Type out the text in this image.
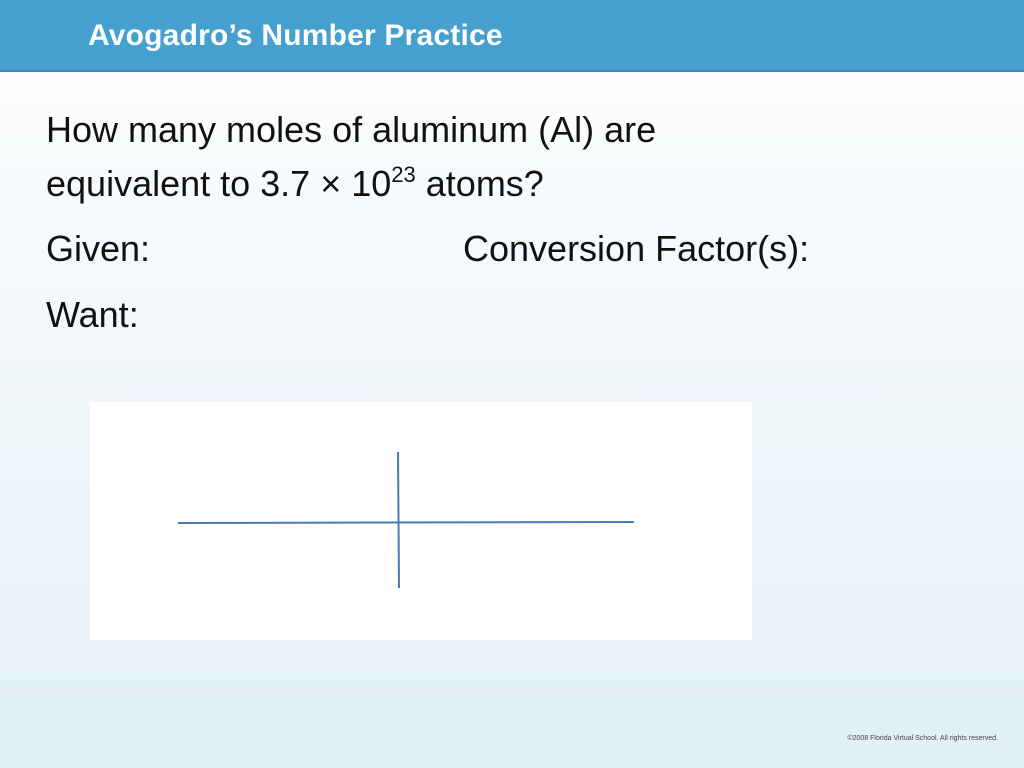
Avogadro’s Number Practice
How many moles of aluminum (Al) are
equivalent to $3.7 \times 10^{23}$ atoms?
Given:	Conversion Factor(s):
Want:
©2008 Florida Virtual School. All rights reserved.
